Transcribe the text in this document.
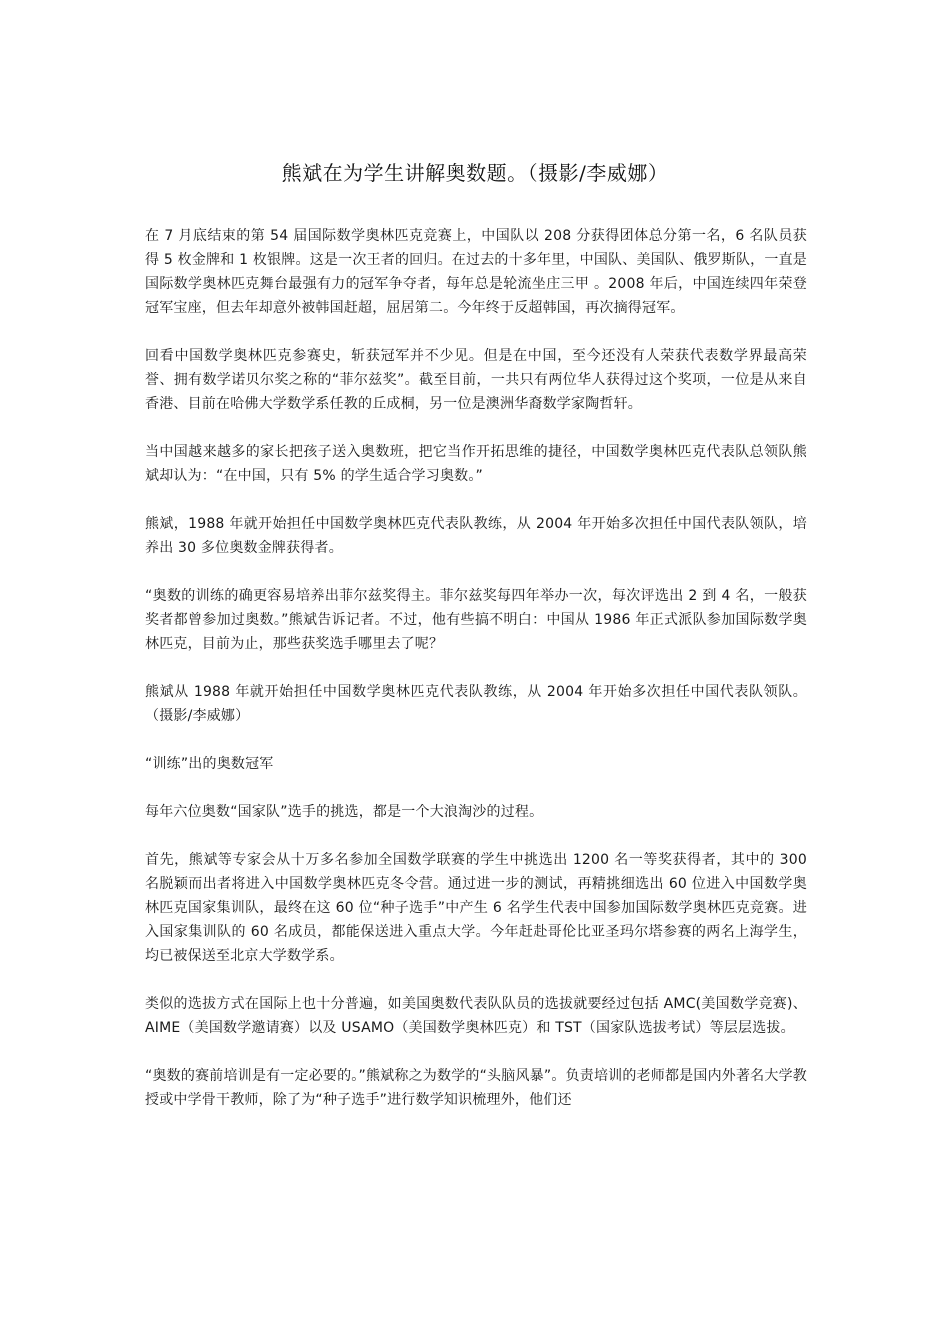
熊斌在为学生讲解奥数题。（摄影/李威娜）

在 7 月底结束的第 54 届国际数学奥林匹克竞赛上，中国队以 208 分获得团体总分第一名，6 名队员获得 5 枚金牌和 1 枚银牌。这是一次王者的回归。在过去的十多年里，中国队、美国队、俄罗斯队，一直是国际数学奥林匹克舞台最强有力的冠军争夺者，每年总是轮流坐庄三甲 。2008 年后，中国连续四年荣登冠军宝座，但去年却意外被韩国赶超，屈居第二。今年终于反超韩国，再次摘得冠军。

回看中国数学奥林匹克参赛史，斩获冠军并不少见。但是在中国，至今还没有人荣获代表数学界最高荣誉、拥有数学诺贝尔奖之称的“菲尔兹奖”。截至目前，一共只有两位华人获得过这个奖项，一位是从来自香港、目前在哈佛大学数学系任教的丘成桐，另一位是澳洲华裔数学家陶哲轩。

当中国越来越多的家长把孩子送入奥数班，把它当作开拓思维的捷径，中国数学奥林匹克代表队总领队熊斌却认为：“在中国，只有 5% 的学生适合学习奥数。”

熊斌，1988 年就开始担任中国数学奥林匹克代表队教练，从 2004 年开始多次担任中国代表队领队，培养出 30 多位奥数金牌获得者。

“奥数的训练的确更容易培养出菲尔兹奖得主。菲尔兹奖每四年举办一次，每次评选出 2 到 4 名，一般获奖者都曾参加过奥数。”熊斌告诉记者。不过，他有些搞不明白：中国从 1986 年正式派队参加国际数学奥林匹克，目前为止，那些获奖选手哪里去了呢？

熊斌从 1988 年就开始担任中国数学奥林匹克代表队教练，从 2004 年开始多次担任中国代表队领队。（摄影/李威娜）

“训练”出的奥数冠军

每年六位奥数“国家队”选手的挑选，都是一个大浪淘沙的过程。

首先，熊斌等专家会从十万多名参加全国数学联赛的学生中挑选出 1200 名一等奖获得者，其中的 300 名脱颖而出者将进入中国数学奥林匹克冬令营。通过进一步的测试，再精挑细选出 60 位进入中国数学奥林匹克国家集训队，最终在这 60 位“种子选手”中产生 6 名学生代表中国参加国际数学奥林匹克竞赛。进入国家集训队的 60 名成员，都能保送进入重点大学。今年赶赴哥伦比亚圣玛尔塔参赛的两名上海学生，均已被保送至北京大学数学系。

类似的选拔方式在国际上也十分普遍，如美国奥数代表队队员的选拔就要经过包括 AMC(美国数学竞赛)、AIME（美国数学邀请赛）以及 USAMO（美国数学奥林匹克）和 TST（国家队选拔考试）等层层选拔。

“奥数的赛前培训是有一定必要的。”熊斌称之为数学的“头脑风暴”。负责培训的老师都是国内外著名大学教授或中学骨干教师，除了为“种子选手”进行数学知识梳理外，他们还
